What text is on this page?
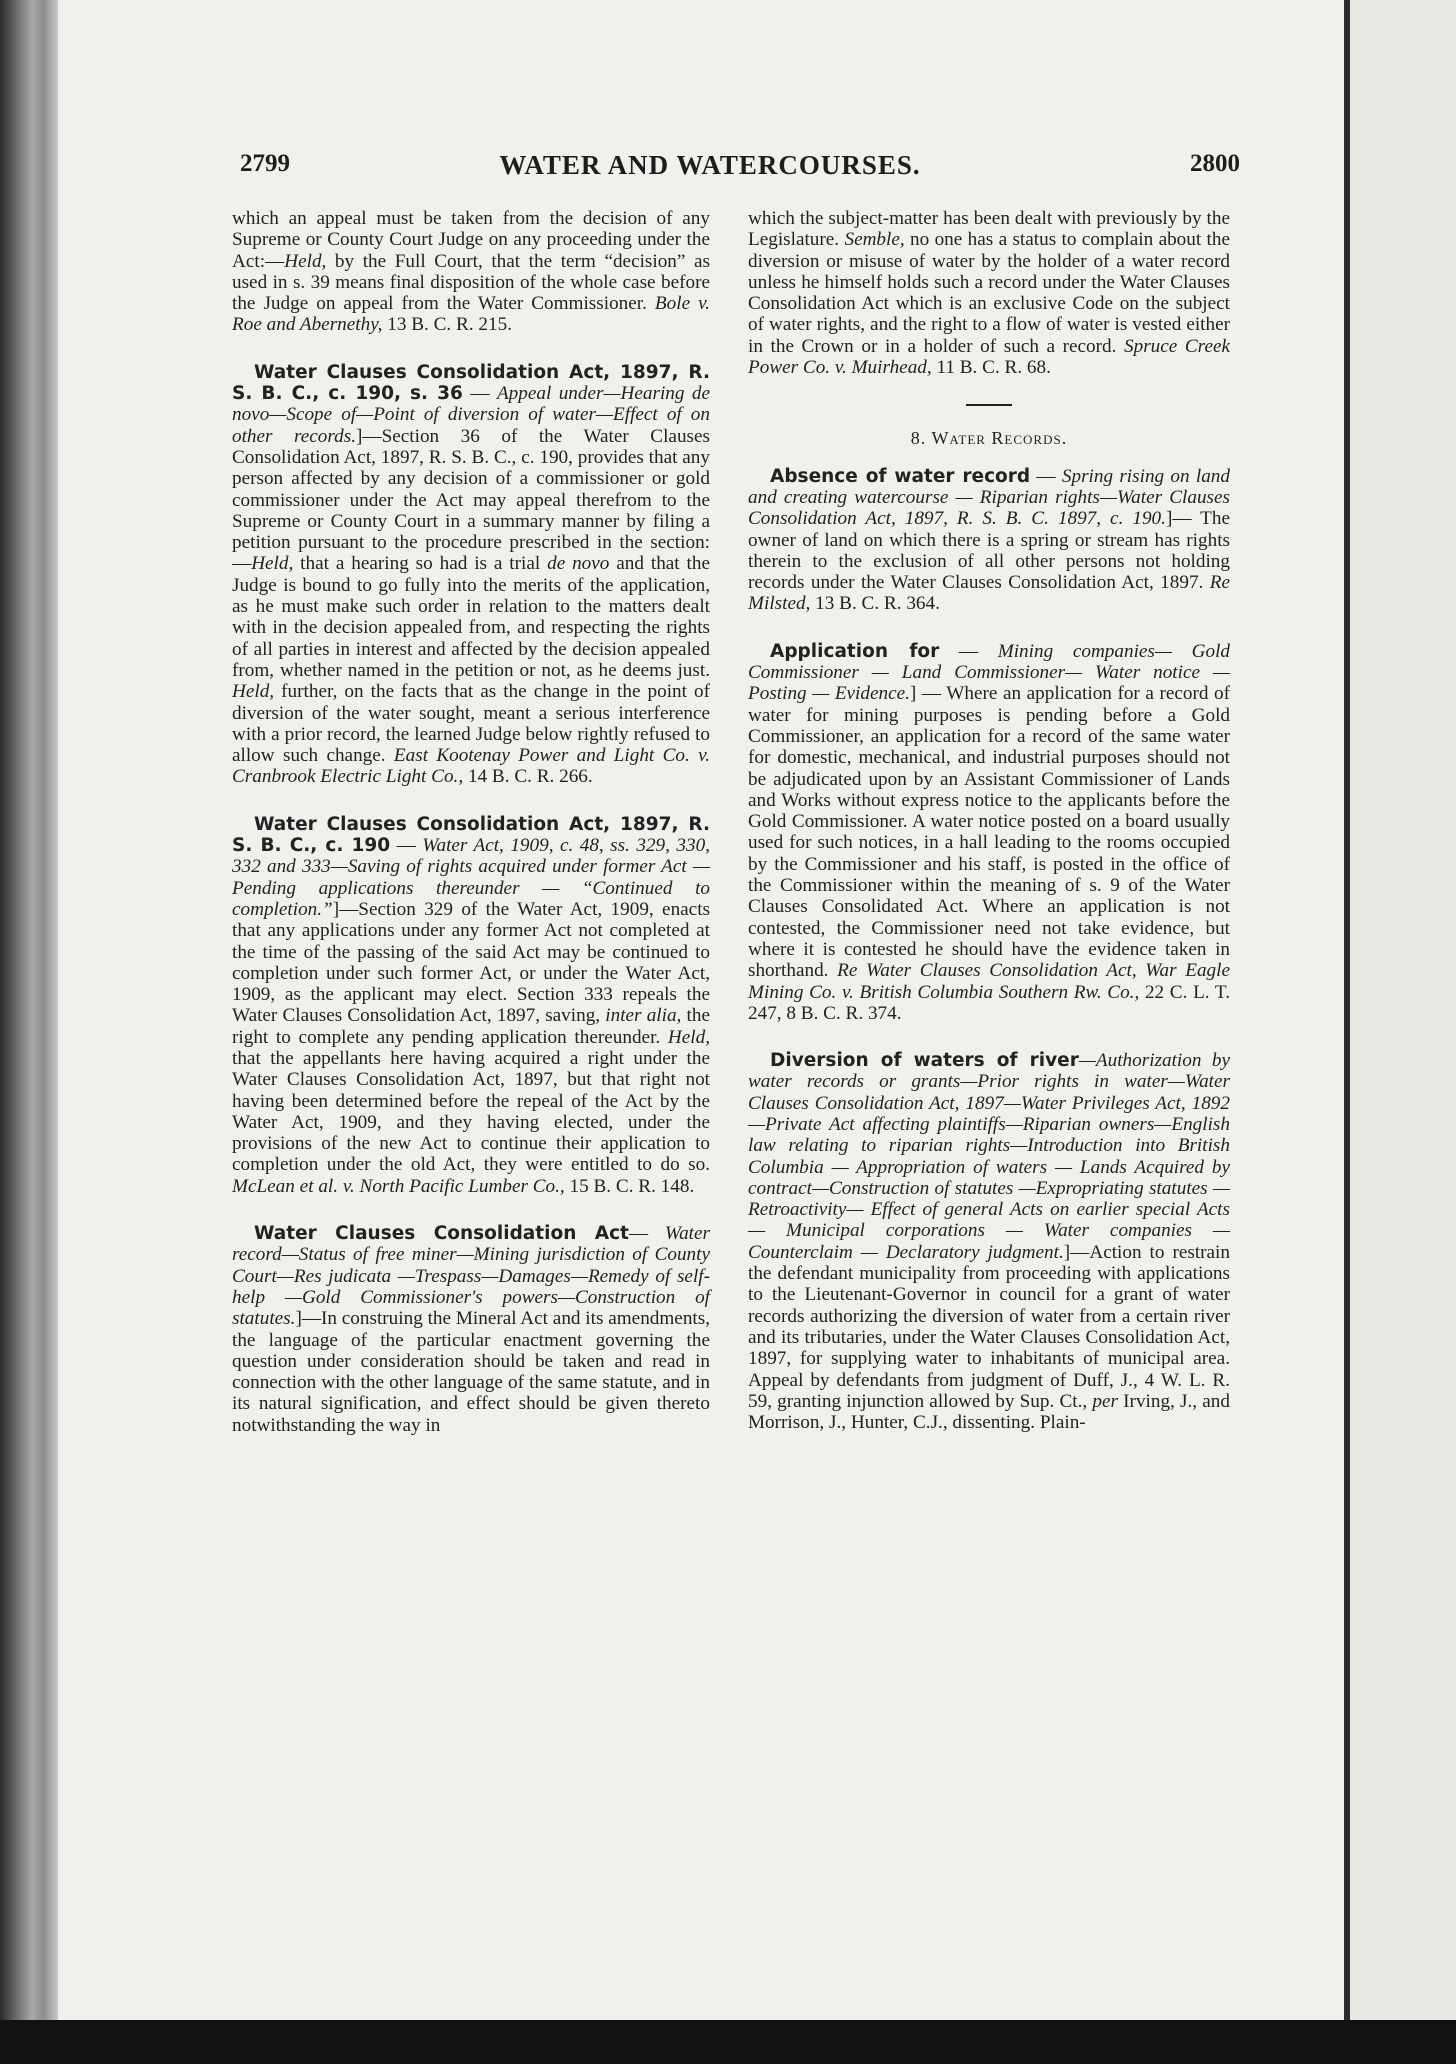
2799	WATER AND WATERCOURSES.	2800

which an appeal must be taken from the decision of any Supreme or County Court Judge on any proceeding under the Act:—Held, by the Full Court, that the term “decision” as used in s. 39 means final disposition of the whole case before the Judge on appeal from the Water Commissioner. Bole v. Roe and Abernethy, 13 B. C. R. 215.

Water Clauses Consolidation Act, 1897, R. S. B. C., c. 190, s. 36 — Appeal under—Hearing de novo—Scope of—Point of diversion of water—Effect of on other records.]—Section 36 of the Water Clauses Consolidation Act, 1897, R. S. B. C., c. 190, provides that any person affected by any decision of a commissioner or gold commissioner under the Act may appeal therefrom to the Supreme or County Court in a summary manner by filing a petition pursuant to the procedure prescribed in the section: —Held, that a hearing so had is a trial de novo and that the Judge is bound to go fully into the merits of the application, as he must make such order in relation to the matters dealt with in the decision appealed from, and respecting the rights of all parties in interest and affected by the decision appealed from, whether named in the petition or not, as he deems just. Held, further, on the facts that as the change in the point of diversion of the water sought, meant a serious interference with a prior record, the learned Judge below rightly refused to allow such change. East Kootenay Power and Light Co. v. Cranbrook Electric Light Co., 14 B. C. R. 266.

Water Clauses Consolidation Act, 1897, R. S. B. C., c. 190 — Water Act, 1909, c. 48, ss. 329, 330, 332 and 333—Saving of rights acquired under former Act — Pending applications thereunder — “Continued to completion.”]—Section 329 of the Water Act, 1909, enacts that any applications under any former Act not completed at the time of the passing of the said Act may be continued to completion under such former Act, or under the Water Act, 1909, as the applicant may elect. Section 333 repeals the Water Clauses Consolidation Act, 1897, saving, inter alia, the right to complete any pending application thereunder. Held, that the appellants here having acquired a right under the Water Clauses Consolidation Act, 1897, but that right not having been determined before the repeal of the Act by the Water Act, 1909, and they having elected, under the provisions of the new Act to continue their application to completion under the old Act, they were entitled to do so. McLean et al. v. North Pacific Lumber Co., 15 B. C. R. 148.

Water Clauses Consolidation Act— Water record—Status of free miner—Mining jurisdiction of County Court—Res judicata —Trespass—Damages—Remedy of self-help —Gold Commissioner's powers—Construction of statutes.]—In construing the Mineral Act and its amendments, the language of the particular enactment governing the question under consideration should be taken and read in connection with the other language of the same statute, and in its natural signification, and effect should be given thereto notwithstanding the way in

which the subject-matter has been dealt with previously by the Legislature. Semble, no one has a status to complain about the diversion or misuse of water by the holder of a water record unless he himself holds such a record under the Water Clauses Consolidation Act which is an exclusive Code on the subject of water rights, and the right to a flow of water is vested either in the Crown or in a holder of such a record. Spruce Creek Power Co. v. Muirhead, 11 B. C. R. 68.

8. Water Records.

Absence of water record — Spring rising on land and creating watercourse — Riparian rights—Water Clauses Consolidation Act, 1897, R. S. B. C. 1897, c. 190.]— The owner of land on which there is a spring or stream has rights therein to the exclusion of all other persons not holding records under the Water Clauses Consolidation Act, 1897. Re Milsted, 13 B. C. R. 364.

Application for — Mining companies— Gold Commissioner — Land Commissioner— Water notice — Posting — Evidence.] — Where an application for a record of water for mining purposes is pending before a Gold Commissioner, an application for a record of the same water for domestic, mechanical, and industrial purposes should not be adjudicated upon by an Assistant Commissioner of Lands and Works without express notice to the applicants before the Gold Commissioner. A water notice posted on a board usually used for such notices, in a hall leading to the rooms occupied by the Commissioner and his staff, is posted in the office of the Commissioner within the meaning of s. 9 of the Water Clauses Consolidated Act. Where an application is not contested, the Commissioner need not take evidence, but where it is contested he should have the evidence taken in shorthand. Re Water Clauses Consolidation Act, War Eagle Mining Co. v. British Columbia Southern Rw. Co., 22 C. L. T. 247, 8 B. C. R. 374.

Diversion of waters of river—Authorization by water records or grants—Prior rights in water—Water Clauses Consolidation Act, 1897—Water Privileges Act, 1892 —Private Act affecting plaintiffs—Riparian owners—English law relating to riparian rights—Introduction into British Columbia — Appropriation of waters — Lands Acquired by contract—Construction of statutes —Expropriating statutes — Retroactivity— Effect of general Acts on earlier special Acts — Municipal corporations — Water companies — Counterclaim — Declaratory judgment.]—Action to restrain the defendant municipality from proceeding with applications to the Lieutenant-Governor in council for a grant of water records authorizing the diversion of water from a certain river and its tributaries, under the Water Clauses Consolidation Act, 1897, for supplying water to inhabitants of municipal area. Appeal by defendants from judgment of Duff, J., 4 W. L. R. 59, granting injunction allowed by Sup. Ct., per Irving, J., and Morrison, J., Hunter, C.J., dissenting. Plain-
